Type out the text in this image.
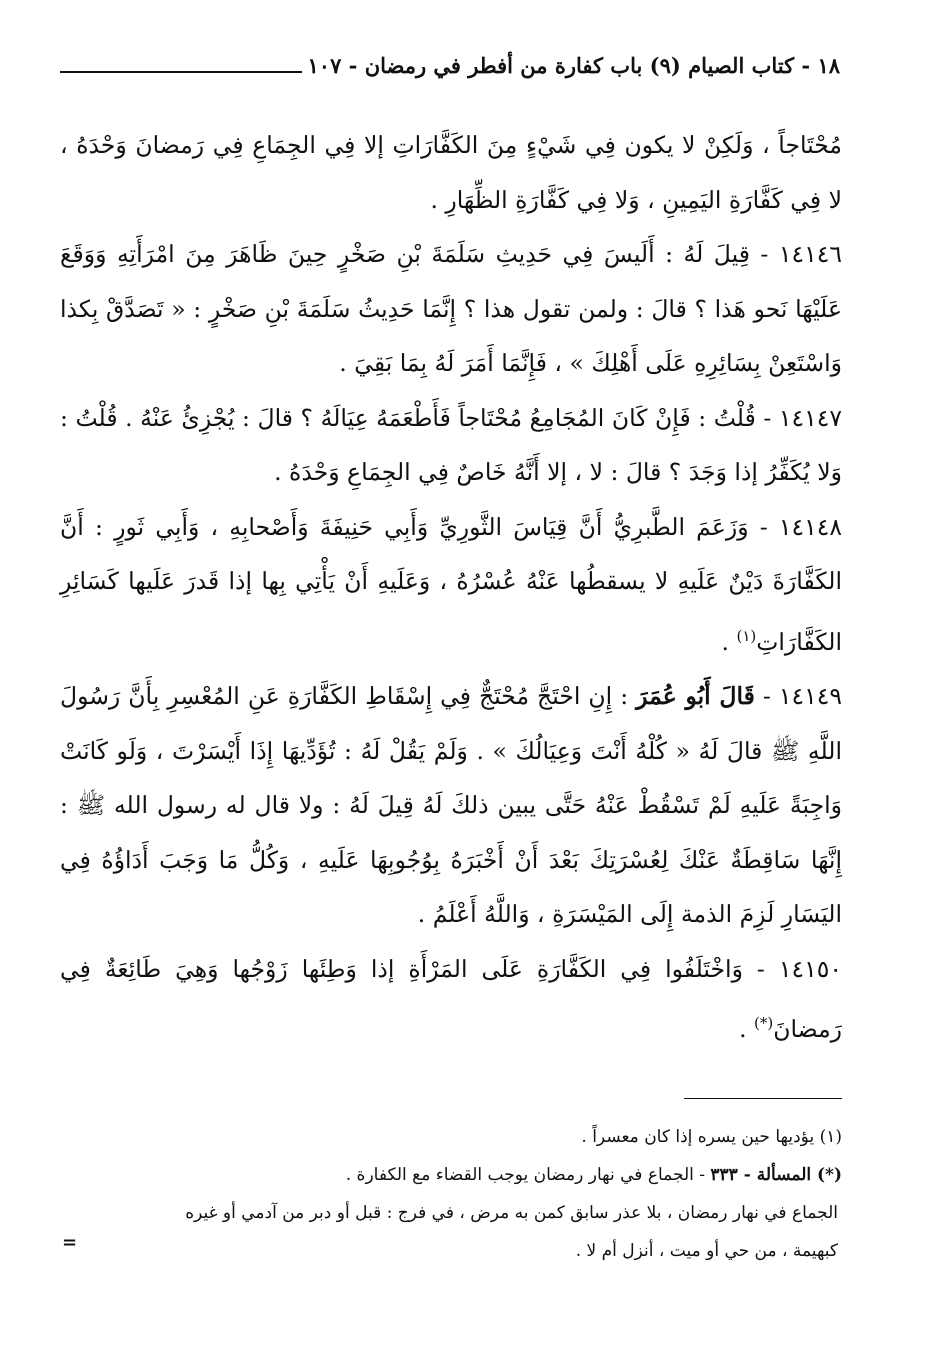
١٨ - كتاب الصيام (٩) باب كفارة من أفطر في رمضان - ١٠٧

مُحْتَاجاً ، وَلَكِنْ لا يكون فِي شَيْءٍ مِنَ الكَفَّارَاتِ إلا فِي الجِمَاعِ فِي رَمضانَ وَحْدَهُ ، لا فِي كَفَّارَةِ اليَمِينِ ، وَلا فِي كَفَّارَةِ الظِّهَارِ .

١٤١٤٦ - قِيلَ لَهُ : أَلَيسَ فِي حَدِيثِ سَلَمَةَ بْنِ صَخْرٍ حِينَ ظَاهَرَ مِنَ امْرَأَتِهِ وَوَقَعَ عَلَيْهَا نَحو هَذا ؟ قالَ : ولمن تقول هذا ؟ إِنَّمَا حَدِيثُ سَلَمَةَ بْنِ صَخْرٍ : « تَصَدَّقْ بِكذا وَاسْتَعِنْ بِسَائِرِهِ عَلَى أَهْلِكَ » ، فَإِنَّمَا أَمَرَ لَهُ بِمَا بَقِيَ .

١٤١٤٧ - قُلْتُ : فَإِنْ كَانَ المُجَامِعُ مُحْتَاجاً فَأَطْعَمَهُ عِيَالَهُ ؟ قالَ : يُجْزِئُ عَنْهُ . قُلْتُ : وَلا يُكَفِّرُ إذا وَجَدَ ؟ قالَ : لا ، إلا أَنَّهُ خَاصٌ فِي الجِمَاعِ وَحْدَهُ .

١٤١٤٨ - وَزَعَمَ الطَّبرِيُّ أَنَّ قِيَاسَ الثَّورِيِّ وَأَبِي حَنِيفَةَ وَأَصْحابِهِ ، وَأَبِي ثَورٍ : أَنَّ الكَفَّارَةَ دَيْنٌ عَلَيهِ لا يسقطُها عَنْهُ عُسْرُهُ ، وَعَلَيهِ أَنْ يَأْتِي بِها إذا قَدرَ عَلَيها كَسَائِرِ الكَفَّارَاتِ$^{(١)}$ .

١٤١٤٩ - قَالَ أَبُو عُمَرَ : إِنِ احْتَجَّ مُحْتَجٌّ فِي إِسْقَاطِ الكَفَّارَةِ عَنِ المُعْسِرِ بِأَنَّ رَسُولَ اللَّهِ ﷺ قالَ لَهُ « كُلْهُ أَنْتَ وَعِيَالُكَ » . وَلَمْ يَقُلْ لَهُ : تُؤَدِّيهَا إِذَا أَيْسَرْتَ ، وَلَو كَانَتْ وَاجِبَةً عَلَيهِ لَمْ تَسْقُطْ عَنْهُ حَتَّى يبين ذلكَ لَهُ قِيلَ لَهُ : ولا قال له رسول الله ﷺ : إِنَّهَا سَاقِطَةٌ عَنْكَ لِعُسْرَتِكَ بَعْدَ أَنْ أَخْبَرَهُ بِوُجُوبِهَا عَلَيهِ ، وَكُلُّ مَا وَجَبَ أَدَاؤُهُ فِي اليَسَارِ لَزِمَ الذمة إِلَى المَيْسَرَةِ ، وَاللَّهُ أَعْلَمُ .

١٤١٥٠ - وَاخْتَلَفُوا فِي الكَفَّارَةِ عَلَى المَرْأَةِ إذا وَطِئَها زَوْجُها وَهِيَ طَائِعَةٌ فِي رَمضانَ(*) .

(١) يؤديها حين يسره إذا كان معسراً .

(*) المسألة - ٣٣٣ - الجماع في نهار رمضان يوجب القضاء مع الكفارة .

الجماع في نهار رمضان ، بلا عذر سابق كمن به مرض ، في فرج : قبل أو دبر من آدمي أو غيره

كبهيمة ، من حي أو ميت ، أنزل أم لا .

=
